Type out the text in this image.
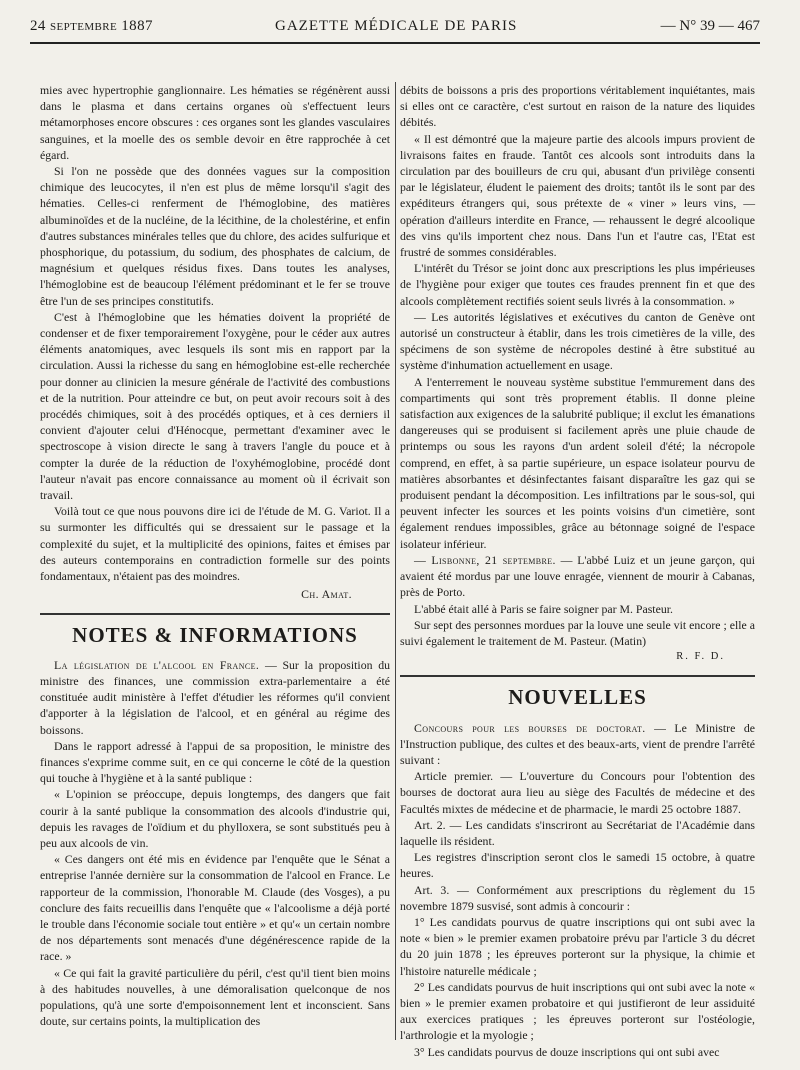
24 septembre 1887	GAZETTE MÉDICALE DE PARIS	— N° 39 — 467

mies avec hypertrophie ganglionnaire. Les hématies se régénèrent aussi dans le plasma et dans certains organes où s'effectuent leurs métamorphoses encore obscures : ces organes sont les glandes vasculaires sanguines, et la moelle des os semble devoir en être rapprochée à cet égard.

Si l'on ne possède que des données vagues sur la composition chimique des leucocytes, il n'en est plus de même lorsqu'il s'agit des hématies. Celles-ci renferment de l'hémoglobine, des matières albuminoïdes et de la nucléine, de la lécithine, de la cholestérine, et enfin d'autres substances minérales telles que du chlore, des acides sulfurique et phosphorique, du potassium, du sodium, des phosphates de calcium, de magnésium et quelques résidus fixes. Dans toutes les analyses, l'hémoglobine est de beaucoup l'élément prédominant et le fer se trouve être l'un de ses principes constitutifs.

C'est à l'hémoglobine que les hématies doivent la propriété de condenser et de fixer temporairement l'oxygène, pour le céder aux autres éléments anatomiques, avec lesquels ils sont mis en rapport par la circulation. Aussi la richesse du sang en hémoglobine est-elle recherchée pour donner au clinicien la mesure générale de l'activité des combustions et de la nutrition. Pour atteindre ce but, on peut avoir recours soit à des procédés chimiques, soit à des procédés optiques, et à ces derniers il convient d'ajouter celui d'Hénocque, permettant d'examiner avec le spectroscope à vision directe le sang à travers l'angle du pouce et à compter la durée de la réduction de l'oxyhémoglobine, procédé dont l'auteur n'avait pas encore connaissance au moment où il écrivait son travail.

Voilà tout ce que nous pouvons dire ici de l'étude de M. G. Variot. Il a su surmonter les difficultés qui se dressaient sur le passage et la complexité du sujet, et la multiplicité des opinions, faites et émises par des auteurs contemporains en contradiction formelle sur des points fondamentaux, n'étaient pas des moindres.

Ch. Amat.
NOTES & INFORMATIONS

La législation de l'alcool en France. — Sur la proposition du ministre des finances, une commission extra-parlementaire a été constituée audit ministère à l'effet d'étudier les réformes qu'il convient d'apporter à la législation de l'alcool, et en général au régime des boissons.

Dans le rapport adressé à l'appui de sa proposition, le ministre des finances s'exprime comme suit, en ce qui concerne le côté de la question qui touche à l'hygiène et à la santé publique :

« L'opinion se préoccupe, depuis longtemps, des dangers que fait courir à la santé publique la consommation des alcools d'industrie qui, depuis les ravages de l'oïdium et du phylloxera, se sont substitués peu à peu aux alcools de vin.

« Ces dangers ont été mis en évidence par l'enquête que le Sénat a entreprise l'année dernière sur la consommation de l'alcool en France. Le rapporteur de la commission, l'honorable M. Claude (des Vosges), a pu conclure des faits recueillis dans l'enquête que « l'alcoolisme a déjà porté le trouble dans l'économie sociale tout entière » et qu'« un certain nombre de nos départements sont menacés d'une dégénérescence rapide de la race. »

« Ce qui fait la gravité particulière du péril, c'est qu'il tient bien moins à des habitudes nouvelles, à une démoralisation quelconque de nos populations, qu'à une sorte d'empoisonnement lent et inconscient. Sans doute, sur certains points, la multiplication des

débits de boissons a pris des proportions véritablement inquiétantes, mais si elles ont ce caractère, c'est surtout en raison de la nature des liquides débités.

« Il est démontré que la majeure partie des alcools impurs provient de livraisons faites en fraude. Tantôt ces alcools sont introduits dans la circulation par des bouilleurs de cru qui, abusant d'un privilège consenti par le législateur, éludent le paiement des droits; tantôt ils le sont par des expéditeurs étrangers qui, sous prétexte de « viner » leurs vins, — opération d'ailleurs interdite en France, — rehaussent le degré alcoolique des vins qu'ils importent chez nous. Dans l'un et l'autre cas, l'Etat est frustré de sommes considérables.

L'intérêt du Trésor se joint donc aux prescriptions les plus impérieuses de l'hygiène pour exiger que toutes ces fraudes prennent fin et que des alcools complètement rectifiés soient seuls livrés à la consommation. »

— Les autorités législatives et exécutives du canton de Genève ont autorisé un constructeur à établir, dans les trois cimetières de la ville, des spécimens de son système de nécropoles destiné à être substitué au système d'inhumation actuellement en usage.

A l'enterrement le nouveau système substitue l'emmurement dans des compartiments qui sont très proprement établis. Il donne pleine satisfaction aux exigences de la salubrité publique; il exclut les émanations dangereuses qui se produisent si facilement après une pluie chaude de printemps ou sous les rayons d'un ardent soleil d'été; la nécropole comprend, en effet, à sa partie supérieure, un espace isolateur pourvu de matières absorbantes et désinfectantes faisant disparaître les gaz qui se produisent pendant la décomposition. Les infiltrations par le sous-sol, qui peuvent infecter les sources et les points voisins d'un cimetière, sont également rendues impossibles, grâce au bétonnage soigné de l'espace isolateur inférieur.

— Lisbonne, 21 septembre. — L'abbé Luiz et un jeune garçon, qui avaient été mordus par une louve enragée, viennent de mourir à Cabanas, près de Porto.

L'abbé était allé à Paris se faire soigner par M. Pasteur.

Sur sept des personnes mordues par la louve une seule vit encore ; elle a suivi également le traitement de M. Pasteur. (Matin)

R. F. D.
NOUVELLES

Concours pour les bourses de doctorat. — Le Ministre de l'Instruction publique, des cultes et des beaux-arts, vient de prendre l'arrêté suivant :

Article premier. — L'ouverture du Concours pour l'obtention des bourses de doctorat aura lieu au siège des Facultés de médecine et des Facultés mixtes de médecine et de pharmacie, le mardi 25 octobre 1887.

Art. 2. — Les candidats s'inscriront au Secrétariat de l'Académie dans laquelle ils résident.

Les registres d'inscription seront clos le samedi 15 octobre, à quatre heures.

Art. 3. — Conformément aux prescriptions du règlement du 15 novembre 1879 susvisé, sont admis à concourir :

1° Les candidats pourvus de quatre inscriptions qui ont subi avec la note « bien » le premier examen probatoire prévu par l'article 3 du décret du 20 juin 1878 ; les épreuves porteront sur la physique, la chimie et l'histoire naturelle médicale ;

2° Les candidats pourvus de huit inscriptions qui ont subi avec la note « bien » le premier examen probatoire et qui justifieront de leur assiduité aux exercices pratiques ; les épreuves porteront sur l'ostéologie, l'arthrologie et la myologie ;

3° Les candidats pourvus de douze inscriptions qui ont subi avec
